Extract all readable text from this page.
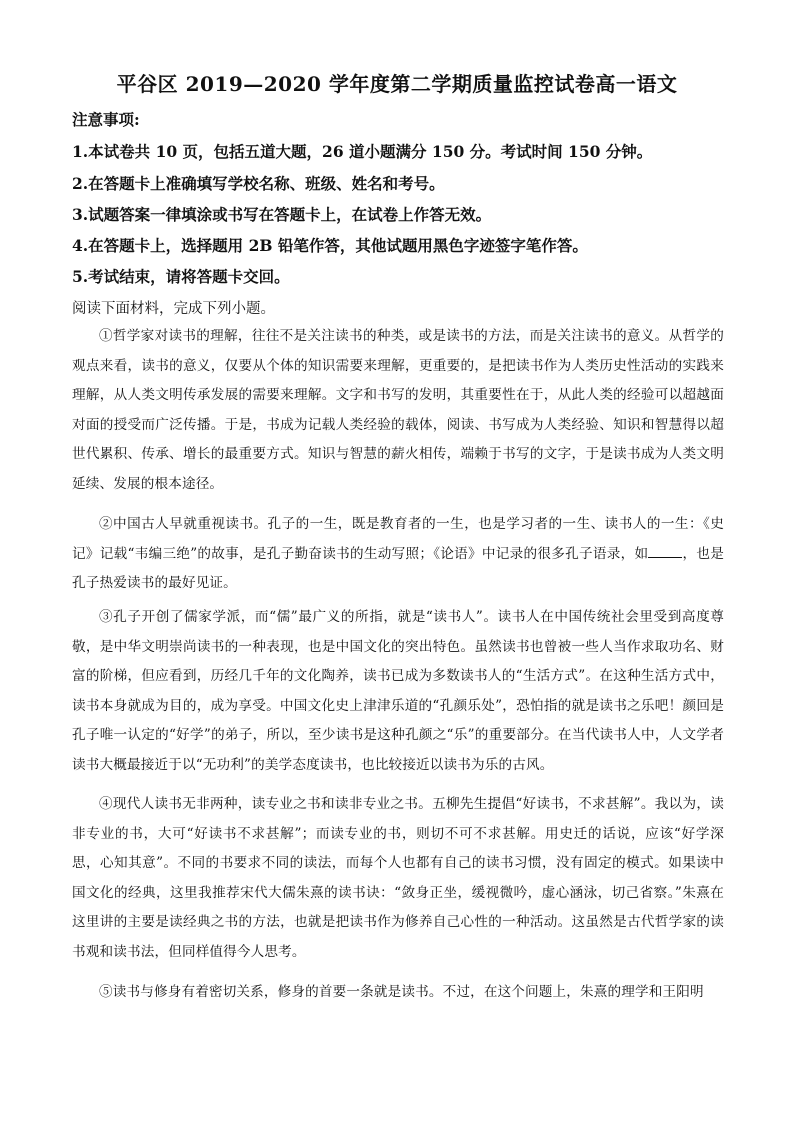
平谷区 2019—2020 学年度第二学期质量监控试卷高一语文
注意事项:
1.本试卷共 10 页，包括五道大题，26 道小题满分 150 分。考试时间 150 分钟。
2.在答题卡上准确填写学校名称、班级、姓名和考号。
3.试题答案一律填涂或书写在答题卡上，在试卷上作答无效。
4.在答题卡上，选择题用 2B 铅笔作答，其他试题用黑色字迹签字笔作答。
5.考试结束，请将答题卡交回。
阅读下面材料，完成下列小题。
①哲学家对读书的理解，往往不是关注读书的种类，或是读书的方法，而是关注读书的意义。从哲学的观点来看，读书的意义，仅要从个体的知识需要来理解，更重要的，是把读书作为人类历史性活动的实践来理解，从人类文明传承发展的需要来理解。文字和书写的发明，其重要性在于，从此人类的经验可以超越面对面的授受而广泛传播。于是，书成为记载人类经验的载体，阅读、书写成为人类经验、知识和智慧得以超世代累积、传承、增长的最重要方式。知识与智慧的薪火相传，端赖于书写的文字，于是读书成为人类文明延续、发展的根本途径。
②中国古人早就重视读书。孔子的一生，既是教育者的一生，也是学习者的一生、读书人的一生：《史记》记载“韦编三绝”的故事，是孔子勤奋读书的生动写照；《论语》中记录的很多孔子语录，如	，也是孔子热爱读书的最好见证。
③孔子开创了儒家学派，而“儒”最广义的所指，就是“读书人”。读书人在中国传统社会里受到高度尊敬，是中华文明崇尚读书的一种表现，也是中国文化的突出特色。虽然读书也曾被一些人当作求取功名、财富的阶梯，但应看到，历经几千年的文化陶养，读书已成为多数读书人的“生活方式”。在这种生活方式中，读书本身就成为目的，成为享受。中国文化史上津津乐道的“孔颜乐处”，恐怕指的就是读书之乐吧！颜回是孔子唯一认定的“好学”的弟子，所以，至少读书是这种孔颜之“乐”的重要部分。在当代读书人中，人文学者读书大概最接近于以“无功利”的美学态度读书，也比较接近以读书为乐的古风。
④现代人读书无非两种，读专业之书和读非专业之书。五柳先生提倡“好读书，不求甚解”。我以为，读非专业的书，大可“好读书不求甚解”；而读专业的书，则切不可不求甚解。用史迁的话说，应该“好学深思，心知其意”。不同的书要求不同的读法，而每个人也都有自己的读书习惯，没有固定的模式。如果读中国文化的经典，这里我推荐宋代大儒朱熹的读书诀：“敛身正坐，缓视微吟，虚心涵泳，切己省察。”朱熹在这里讲的主要是读经典之书的方法，也就是把读书作为修养自己心性的一种活动。这虽然是古代哲学家的读书观和读书法，但同样值得今人思考。
⑤读书与修身有着密切关系，修身的首要一条就是读书。不过，在这个问题上，朱熹的理学和王阳明
